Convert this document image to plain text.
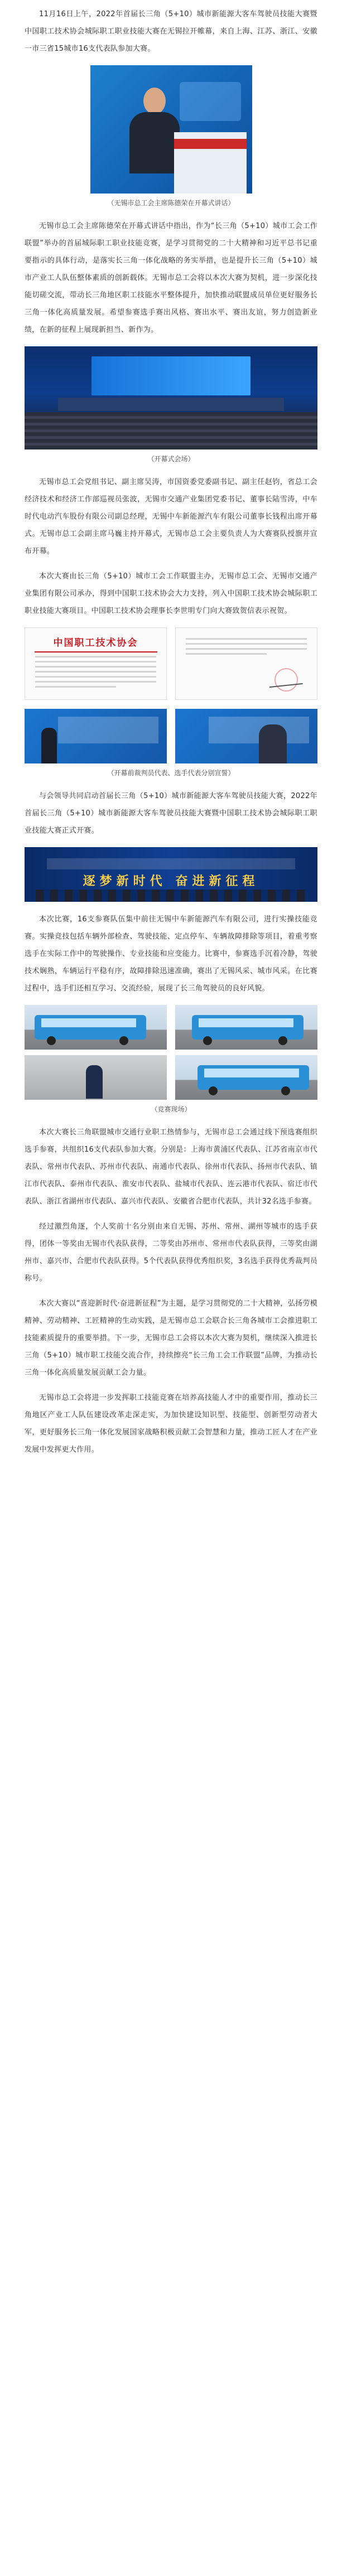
11月16日上午，2022年首届长三角（5+10）城市新能源大客车驾驶员技能大赛暨中国职工技术协会城际职工职业技能大赛在无锡拉开帷幕，来自上海、江苏、浙江、安徽一市三省15城市16支代表队参加大赛。

（无锡市总工会主席陈德荣在开幕式讲话）

无锡市总工会主席陈德荣在开幕式讲话中指出，作为“长三角（5+10）城市工会工作联盟”举办的首届城际职工职业技能竞赛，是学习贯彻党的二十大精神和习近平总书记重要指示的具体行动，是落实长三角一体化战略的务实举措，也是提升长三角（5+10）城市产业工人队伍整体素质的创新载体。无锡市总工会将以本次大赛为契机，进一步深化技能切磋交流，带动长三角地区职工技能水平整体提升，加快推动联盟成员单位更好服务长三角一体化高质量发展。希望参赛选手赛出风格、赛出水平、赛出友谊，努力创造新业绩，在新的征程上展现新担当、新作为。

（开幕式会场）

无锡市总工会党组书记、副主席吴涛，市国资委党委副书记、副主任赵钧，省总工会经济技术和经济工作部巡视员张波，无锡市交通产业集团党委书记、董事长陆雪涛，中车时代电动汽车股份有限公司副总经理，无锡中车新能源汽车有限公司董事长钱程出席开幕式。无锡市总工会副主席马巍主持开幕式，无锡市总工会主要负责人为大赛赛队授旗并宣布开幕。

本次大赛由长三角（5+10）城市工会工作联盟主办，无锡市总工会、无锡市交通产业集团有限公司承办，得到中国职工技术协会大力支持，列入中国职工技术协会城际职工职业技能大赛项目。中国职工技术协会理事长李世明专门向大赛致贺信表示祝贺。

中国职工技术协会
（开幕前裁判员代表、选手代表分别宣誓）

与会领导共同启动首届长三角（5+10）城市新能源大客车驾驶员技能大赛，2022年首届长三角（5+10）城市新能源大客车驾驶员技能大赛暨中国职工技术协会城际职工职业技能大赛正式开赛。

逐梦新时代 奋进新征程

本次比赛，16支参赛队伍集中前往无锡中车新能源汽车有限公司，进行实操技能竞赛。实操竞技包括车辆外部检查、驾驶技能、定点停车、车辆故障排除等项目，着重考察选手在实际工作中的驾驶操作、专业技能和应变能力。比赛中，参赛选手沉着冷静，驾驶技术娴熟，车辆运行平稳有序，故障排除迅速准确，赛出了无锡风采、城市风采。在比赛过程中，选手们还相互学习、交流经验，展现了长三角驾驶员的良好风貌。

（竞赛现场）

本次大赛长三角联盟城市交通行业职工热情参与，无锡市总工会通过线下预选赛组织选手参赛，共组织16支代表队参加大赛。分别是：上海市黄浦区代表队、江苏省南京市代表队、常州市代表队、苏州市代表队、南通市代表队、徐州市代表队、扬州市代表队、镇江市代表队、泰州市代表队、淮安市代表队、盐城市代表队、连云港市代表队、宿迁市代表队、浙江省湖州市代表队、嘉兴市代表队、安徽省合肥市代表队，共计32名选手参赛。

经过激烈角逐，个人奖前十名分别由来自无锡、苏州、常州、湖州等城市的选手获得，团体一等奖由无锡市代表队获得，二等奖由苏州市、常州市代表队获得，三等奖由湖州市、嘉兴市、合肥市代表队获得。5个代表队获得优秀组织奖，3名选手获得优秀裁判员称号。

本次大赛以“喜迎新时代·奋进新征程”为主题，是学习贯彻党的二十大精神，弘扬劳模精神、劳动精神、工匠精神的生动实践，是无锡市总工会联合长三角各城市工会推进职工技能素质提升的重要举措。下一步，无锡市总工会将以本次大赛为契机，继续深入推进长三角（5+10）城市职工技能交流合作，持续擦亮“长三角工会工作联盟”品牌，为推动长三角一体化高质量发展贡献工会力量。

无锡市总工会将进一步发挥职工技能竞赛在培养高技能人才中的重要作用，推动长三角地区产业工人队伍建设改革走深走实，为加快建设知识型、技能型、创新型劳动者大军，更好服务长三角一体化发展国家战略积极贡献工会智慧和力量，推动工匠人才在产业发展中发挥更大作用。
